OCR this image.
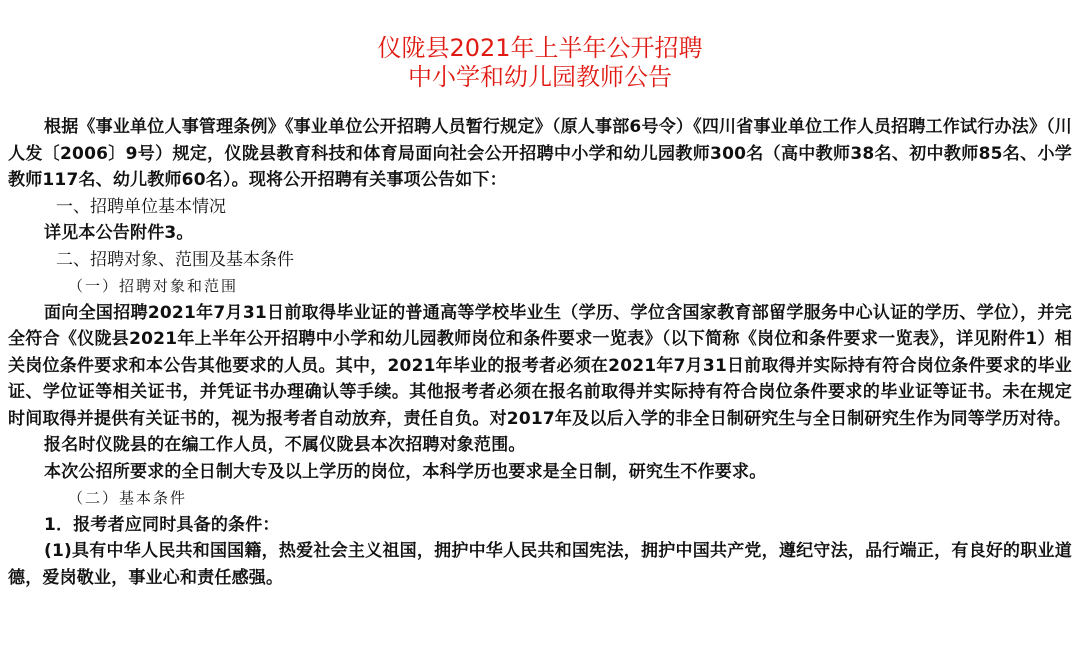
仪陇县2021年上半年公开招聘

中小学和幼儿园教师公告

根据《事业单位人事管理条例》《事业单位公开招聘人员暂行规定》（原人事部6号令）《四川省事业单位工作人员招聘工作试行办法》（川人发〔2006〕9号）规定，仪陇县教育科技和体育局面向社会公开招聘中小学和幼儿园教师300名（高中教师38名、初中教师85名、小学教师117名、幼儿教师60名）。现将公开招聘有关事项公告如下：

一、招聘单位基本情况

详见本公告附件3。

二、招聘对象、范围及基本条件

（一）招聘对象和范围

面向全国招聘2021年7月31日前取得毕业证的普通高等学校毕业生（学历、学位含国家教育部留学服务中心认证的学历、学位），并完全符合《仪陇县2021年上半年公开招聘中小学和幼儿园教师岗位和条件要求一览表》（以下简称《岗位和条件要求一览表》，详见附件1）相关岗位条件要求和本公告其他要求的人员。其中，2021年毕业的报考者必须在2021年7月31日前取得并实际持有符合岗位条件要求的毕业证、学位证等相关证书，并凭证书办理确认等手续。其他报考者必须在报名前取得并实际持有符合岗位条件要求的毕业证等证书。未在规定时间取得并提供有关证书的，视为报考者自动放弃，责任自负。对2017年及以后入学的非全日制研究生与全日制研究生作为同等学历对待。

报名时仪陇县的在编工作人员，不属仪陇县本次招聘对象范围。

本次公招所要求的全日制大专及以上学历的岗位，本科学历也要求是全日制，研究生不作要求。

（二）基本条件

1．报考者应同时具备的条件：

(1)具有中华人民共和国国籍，热爱社会主义祖国，拥护中华人民共和国宪法，拥护中国共产党，遵纪守法，品行端正，有良好的职业道德，爱岗敬业，事业心和责任感强。
